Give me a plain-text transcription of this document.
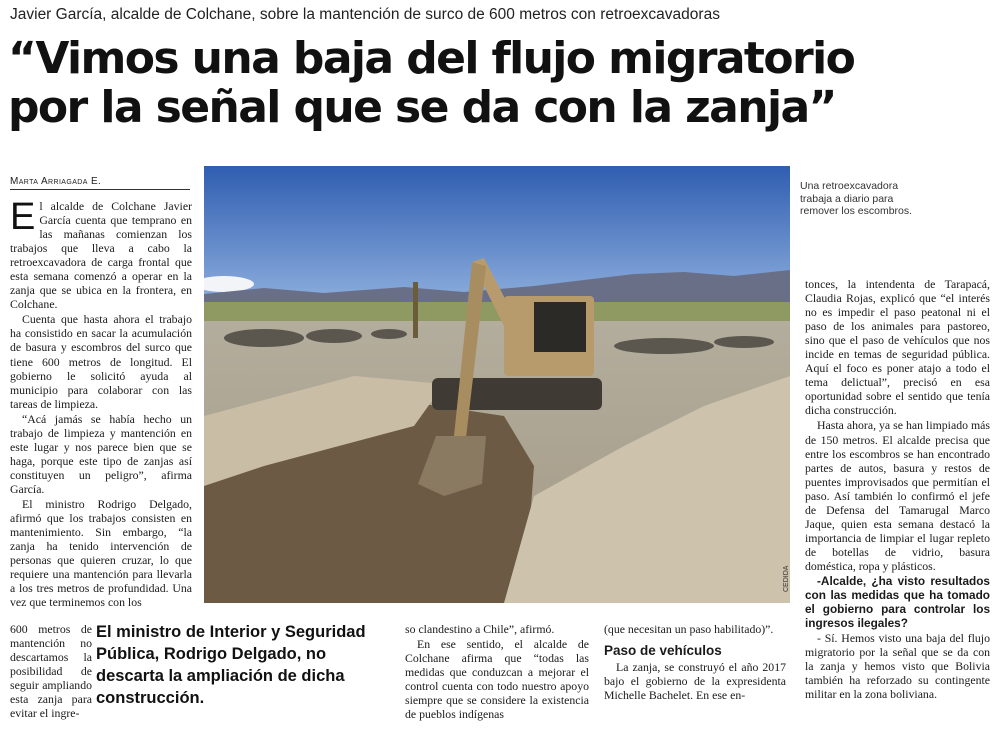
Javier García, alcalde de Colchane, sobre la mantención de surco de 600 metros con retroexcavadoras
“Vimos una baja del flujo migratorio
por la señal que se da con la zanja”
Marta Arriagada E.

El alcalde de Colchane Javier García cuenta que temprano en las mañanas comienzan los trabajos que lleva a cabo la retroexcavadora de carga frontal que esta semana comenzó a operar en la zanja que se ubica en la frontera, en Colchane.

Cuenta que hasta ahora el trabajo ha consistido en sacar la acumulación de basura y escombros del surco que tiene 600 metros de longitud. El gobierno le solicitó ayuda al municipio para colaborar con las tareas de limpieza.

“Acá jamás se había hecho un trabajo de limpieza y mantención en este lugar y nos parece bien que se haga, porque este tipo de zanjas así constituyen un peligro”, afirma García.

El ministro Rodrigo Delgado, afirmó que los trabajos consisten en mantenimiento. Sin embargo, “la zanja ha tenido intervención de personas que quieren cruzar, lo que requiere una mantención para llevarla a los tres metros de profundidad. Una vez que terminemos con los

600 metros de mantención no descartamos la posibilidad de seguir ampliando esta zanja para evitar el ingre-
CEDIDA
Una retroexcavadora trabaja a diario para remover los escombros.
El ministro de Interior y Seguridad Pública, Rodrigo Delgado, no descarta la ampliación de dicha construcción.

so clandestino a Chile”, afirmó.

En ese sentido, el alcalde de Colchane afirma que “todas las medidas que conduzcan a mejorar el control cuenta con todo nuestro apoyo siempre que se considere la existencia de pueblos indígenas

(que necesitan un paso habilitado)”.

Paso de vehículos

La zanja, se construyó el año 2017 bajo el gobierno de la expresidenta Michelle Bachelet. En ese en-

tonces, la intendenta de Tarapacá, Claudia Rojas, explicó que “el interés no es impedir el paso peatonal ni el paso de los animales para pastoreo, sino que el paso de vehículos que nos incide en temas de seguridad pública. Aquí el foco es poner atajo a todo el tema delictual”, precisó en esa oportunidad sobre el sentido que tenía dicha construcción.

Hasta ahora, ya se han limpiado más de 150 metros. El alcalde precisa que entre los escombros se han encontrado partes de autos, basura y restos de puentes improvisados que permitían el paso. Así también lo confirmó el jefe de Defensa del Tamarugal Marco Jaque, quien esta semana destacó la importancia de limpiar el lugar repleto de botellas de vidrio, basura doméstica, ropa y plásticos.

-Alcalde, ¿ha visto resultados con las medidas que ha tomado el gobierno para controlar los ingresos ilegales?

- Sí. Hemos visto una baja del flujo migratorio por la señal que se da con la zanja y hemos visto que Bolivia también ha reforzado su contingente militar en la zona boliviana.
